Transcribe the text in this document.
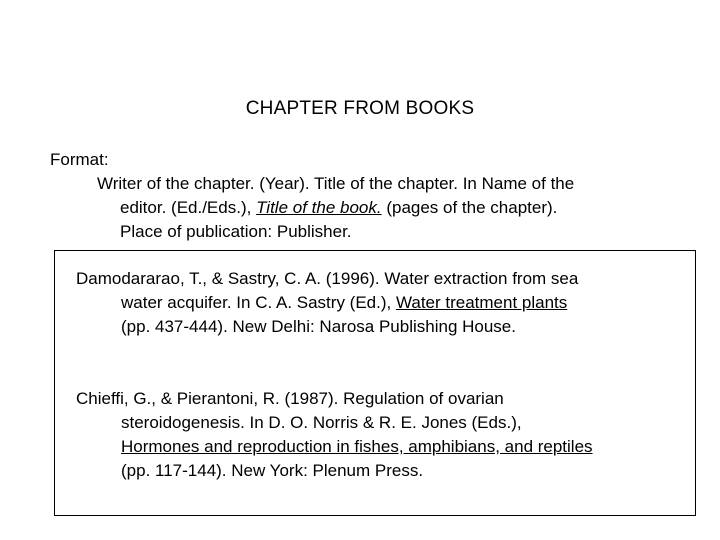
CHAPTER FROM BOOKS
Format:
Writer of the chapter. (Year). Title of the chapter. In Name of the editor. (Ed./Eds.), Title of the book. (pages of the chapter). Place of publication: Publisher.
Damodararao, T., & Sastry, C. A. (1996). Water extraction from sea water acquifer. In C. A. Sastry (Ed.), Water treatment plants (pp. 437-444). New Delhi: Narosa Publishing House.
Chieffi, G., & Pierantoni, R. (1987). Regulation of ovarian steroidogenesis. In D. O. Norris & R. E. Jones (Eds.), Hormones and reproduction in fishes, amphibians, and reptiles (pp. 117-144). New York: Plenum Press.
